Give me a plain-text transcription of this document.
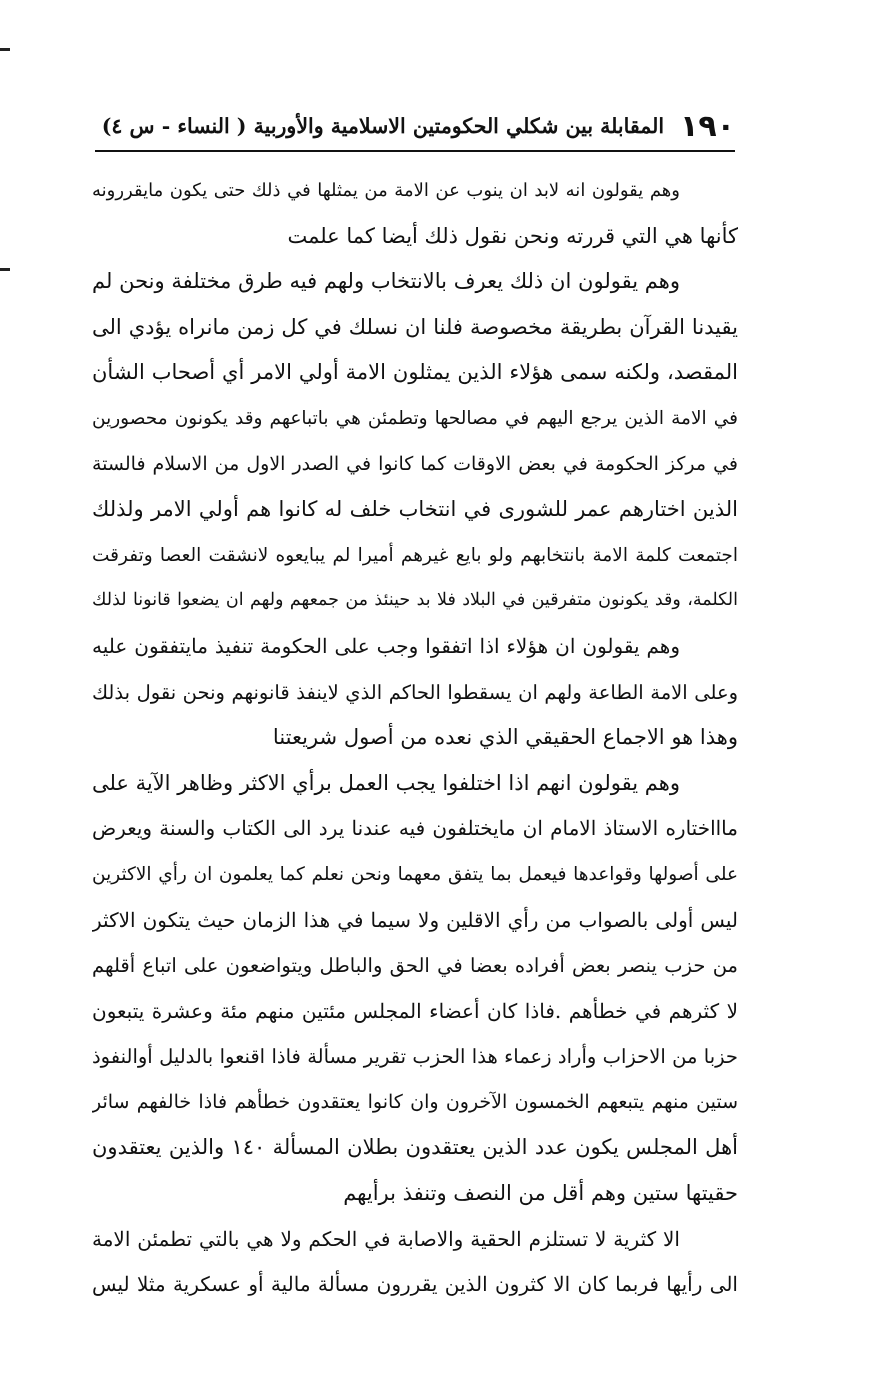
١٩٠
المقابلة بين شكلي الحكومتين الاسلامية والأوربية ( النساء - س ٤)
وهم يقولون انه لابد ان ينوب عن الامة من يمثلها في ذلك حتى يكون مايقررونه
كأنها هي التي قررته ونحن نقول ذلك أيضا كما علمت
وهم يقولون ان ذلك يعرف بالانتخاب ولهم فيه طرق مختلفة ونحن لم
يقيدنا القرآن بطريقة مخصوصة فلنا ان نسلك في كل زمن مانراه يؤدي الى
المقصد، ولكنه سمى هؤلاء الذين يمثلون الامة أولي الامر أي أصحاب الشأن
في الامة الذين يرجع اليهم في مصالحها وتطمئن هي باتباعهم وقد يكونون محصورين
في مركز الحكومة في بعض الاوقات كما كانوا في الصدر الاول من الاسلام فالستة
الذين اختارهم عمر للشورى في انتخاب خلف له كانوا هم أولي الامر ولذلك
اجتمعت كلمة الامة بانتخابهم ولو بايع غيرهم أميرا لم يبايعوه لانشقت العصا وتفرقت
الكلمة، وقد يكونون متفرقين في البلاد فلا بد حينئذ من جمعهم ولهم ان يضعوا قانونا لذلك
وهم يقولون ان هؤلاء اذا اتفقوا وجب على الحكومة تنفيذ مايتفقون عليه
وعلى الامة الطاعة ولهم ان يسقطوا الحاكم الذي لاينفذ قانونهم ونحن نقول بذلك
وهذا هو الاجماع الحقيقي الذي نعده من أصول شريعتنا
وهم يقولون انهم اذا اختلفوا يجب العمل برأي الاكثر وظاهر الآية على
ماااختاره الاستاذ الامام ان مايختلفون فيه عندنا يرد الى الكتاب والسنة ويعرض
على أصولها وقواعدها فيعمل بما يتفق معهما ونحن نعلم كما يعلمون ان رأي الاكثرين
ليس أولى بالصواب من رأي الاقلين ولا سيما في هذا الزمان حيث يتكون الاكثر
من حزب ينصر بعض أفراده بعضا في الحق والباطل ويتواضعون على اتباع أقلهم
لا كثرهم في خطأهم .فاذا كان أعضاء المجلس مئتين منهم مئة وعشرة يتبعون
حزبا من الاحزاب وأراد زعماء هذا الحزب تقرير مسألة فاذا اقنعوا بالدليل أوالنفوذ
ستين منهم يتبعهم الخمسون الآخرون وان كانوا يعتقدون خطأهم فاذا خالفهم سائر
أهل المجلس يكون عدد الذين يعتقدون بطلان المسألة ١٤٠ والذين يعتقدون
حقيتها ستين وهم أقل من النصف وتنفذ برأيهم
الا كثرية لا تستلزم الحقية والاصابة في الحكم ولا هي بالتي تطمئن الامة
الى رأيها فربما كان الا كثرون الذين يقررون مسألة مالية أو عسكرية مثلا ليس
